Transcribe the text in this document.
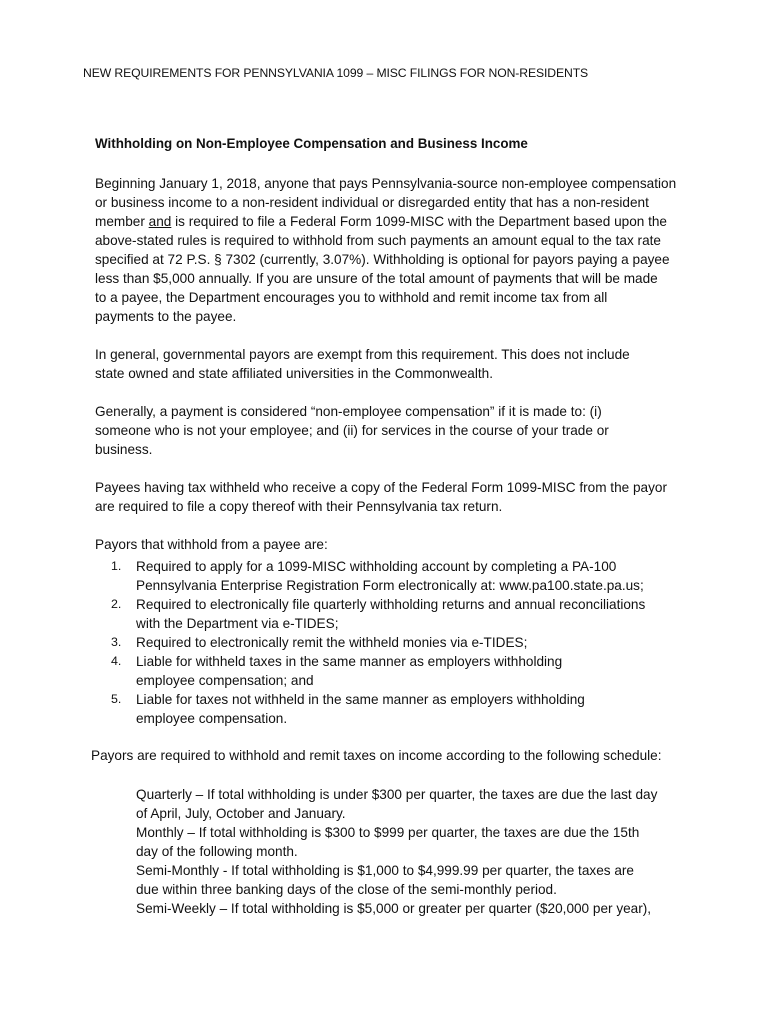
NEW REQUIREMENTS FOR PENNSYLVANIA 1099 – MISC FILINGS FOR NON-RESIDENTS
Withholding on Non-Employee Compensation and Business Income
Beginning January 1, 2018, anyone that pays Pennsylvania-source non-employee compensation
or business income to a non-resident individual or disregarded entity that has a non-resident
member and is required to file a Federal Form 1099-MISC with the Department based upon the
above-stated rules is required to withhold from such payments an amount equal to the tax rate
specified at 72 P.S. § 7302 (currently, 3.07%). Withholding is optional for payors paying a payee
less than $5,000 annually. If you are unsure of the total amount of payments that will be made
to a payee, the Department encourages you to withhold and remit income tax from all
payments to the payee.
In general, governmental payors are exempt from this requirement. This does not include
state owned and state affiliated universities in the Commonwealth.
Generally, a payment is considered “non-employee compensation” if it is made to: (i)
someone who is not your employee; and (ii) for services in the course of your trade or
business.
Payees having tax withheld who receive a copy of the Federal Form 1099-MISC from the payor
are required to file a copy thereof with their Pennsylvania tax return.
Payors that withhold from a payee are:
1. Required to apply for a 1099-MISC withholding account by completing a PA-100
Pennsylvania Enterprise Registration Form electronically at: www.pa100.state.pa.us;
2. Required to electronically file quarterly withholding returns and annual reconciliations
with the Department via e-TIDES;
3. Required to electronically remit the withheld monies via e-TIDES;
4. Liable for withheld taxes in the same manner as employers withholding
employee compensation; and
5. Liable for taxes not withheld in the same manner as employers withholding
employee compensation.
Payors are required to withhold and remit taxes on income according to the following schedule:
Quarterly – If total withholding is under $300 per quarter, the taxes are due the last day
of April, July, October and January.
Monthly – If total withholding is $300 to $999 per quarter, the taxes are due the 15th
day of the following month.
Semi-Monthly - If total withholding is $1,000 to $4,999.99 per quarter, the taxes are
due within three banking days of the close of the semi-monthly period.
Semi-Weekly – If total withholding is $5,000 or greater per quarter ($20,000 per year),
